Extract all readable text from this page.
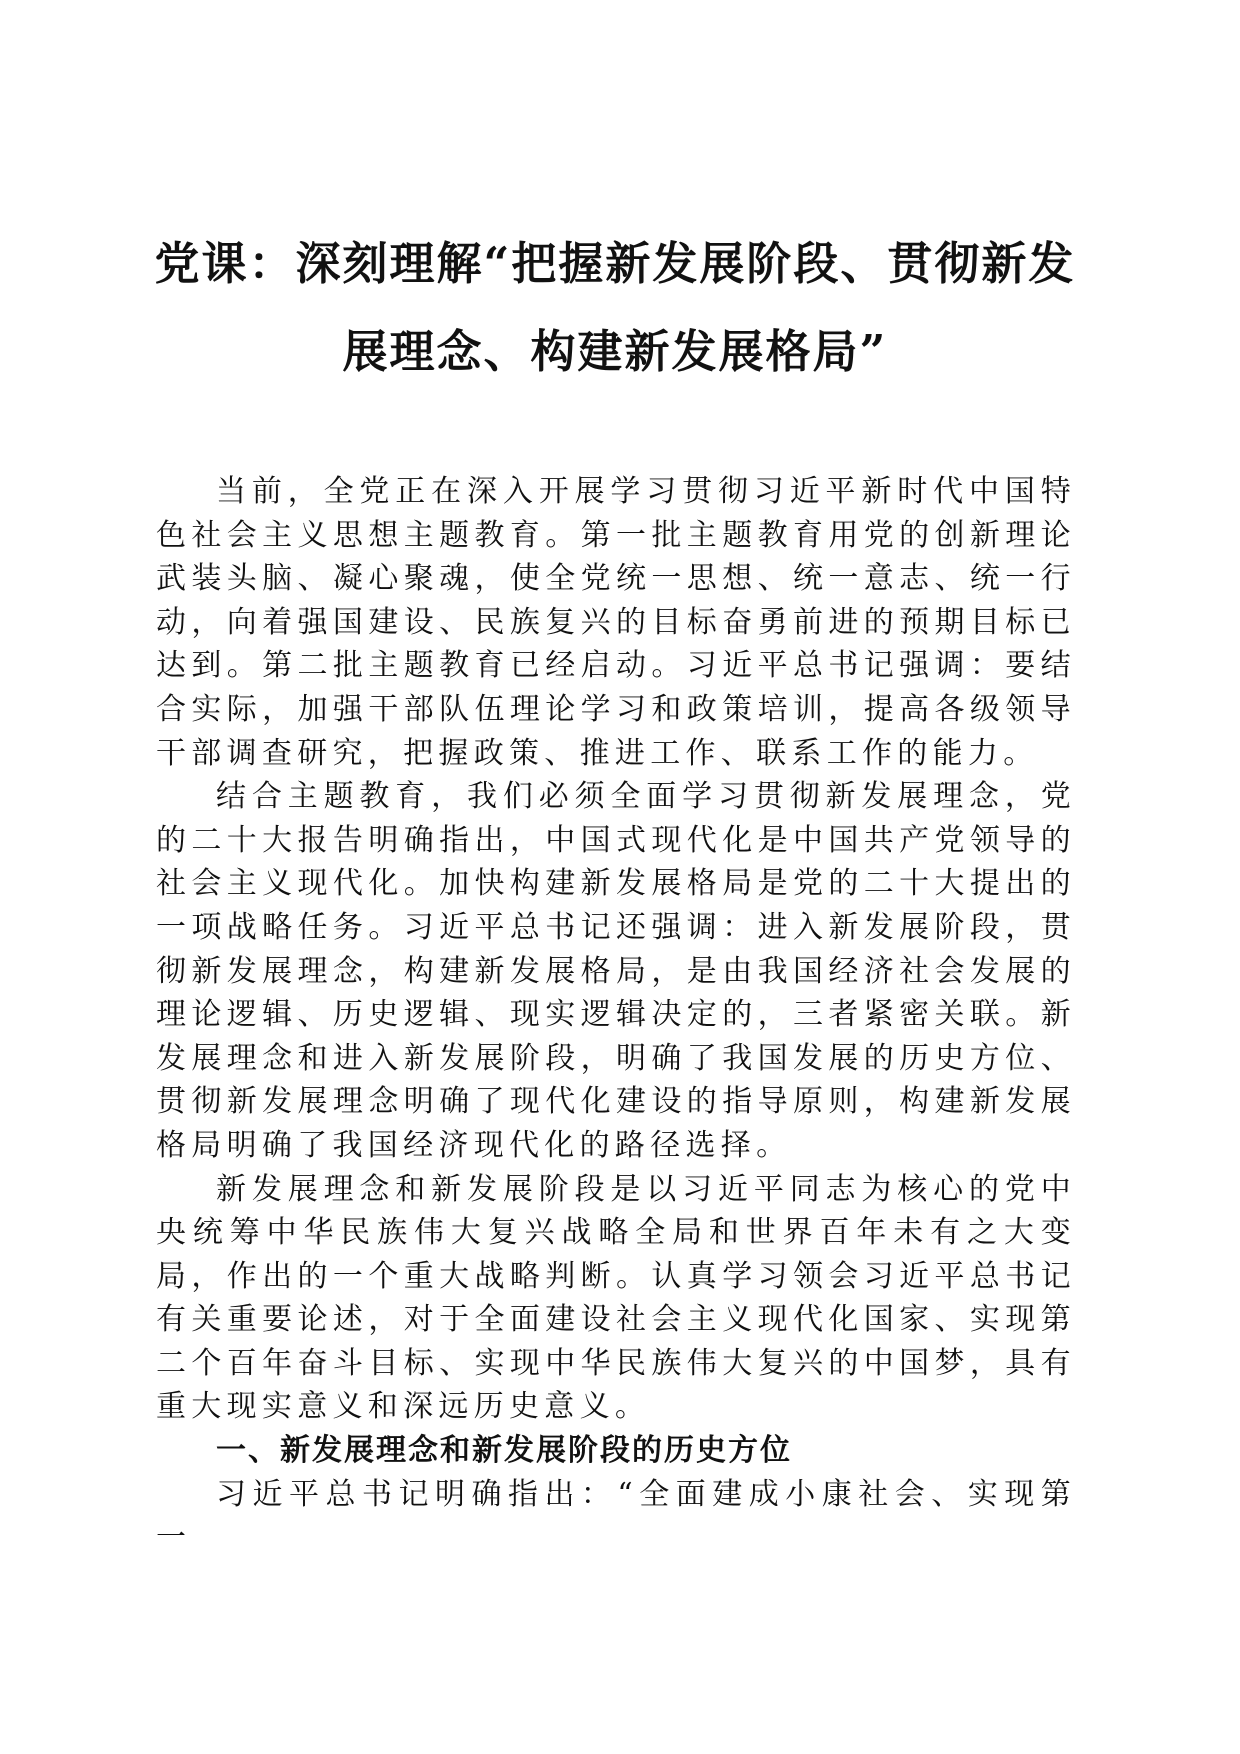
党课：深刻理解“把握新发展阶段、贯彻新发展理念、构建新发展格局”

当前，全党正在深入开展学习贯彻习近平新时代中国特色社会主义思想主题教育。第一批主题教育用党的创新理论武装头脑、凝心聚魂，使全党统一思想、统一意志、统一行动，向着强国建设、民族复兴的目标奋勇前进的预期目标已达到。第二批主题教育已经启动。习近平总书记强调：要结合实际，加强干部队伍理论学习和政策培训，提高各级领导干部调查研究，把握政策、推进工作、联系工作的能力。

结合主题教育，我们必须全面学习贯彻新发展理念，党的二十大报告明确指出，中国式现代化是中国共产党领导的社会主义现代化。加快构建新发展格局是党的二十大提出的一项战略任务。习近平总书记还强调：进入新发展阶段，贯彻新发展理念，构建新发展格局，是由我国经济社会发展的理论逻辑、历史逻辑、现实逻辑决定的，三者紧密关联。新发展理念和进入新发展阶段，明确了我国发展的历史方位、贯彻新发展理念明确了现代化建设的指导原则，构建新发展格局明确了我国经济现代化的路径选择。

新发展理念和新发展阶段是以习近平同志为核心的党中央统筹中华民族伟大复兴战略全局和世界百年未有之大变局，作出的一个重大战略判断。认真学习领会习近平总书记有关重要论述，对于全面建设社会主义现代化国家、实现第二个百年奋斗目标、实现中华民族伟大复兴的中国梦，具有重大现实意义和深远历史意义。

一、新发展理念和新发展阶段的历史方位

习近平总书记明确指出：“全面建成小康社会、实现第一
